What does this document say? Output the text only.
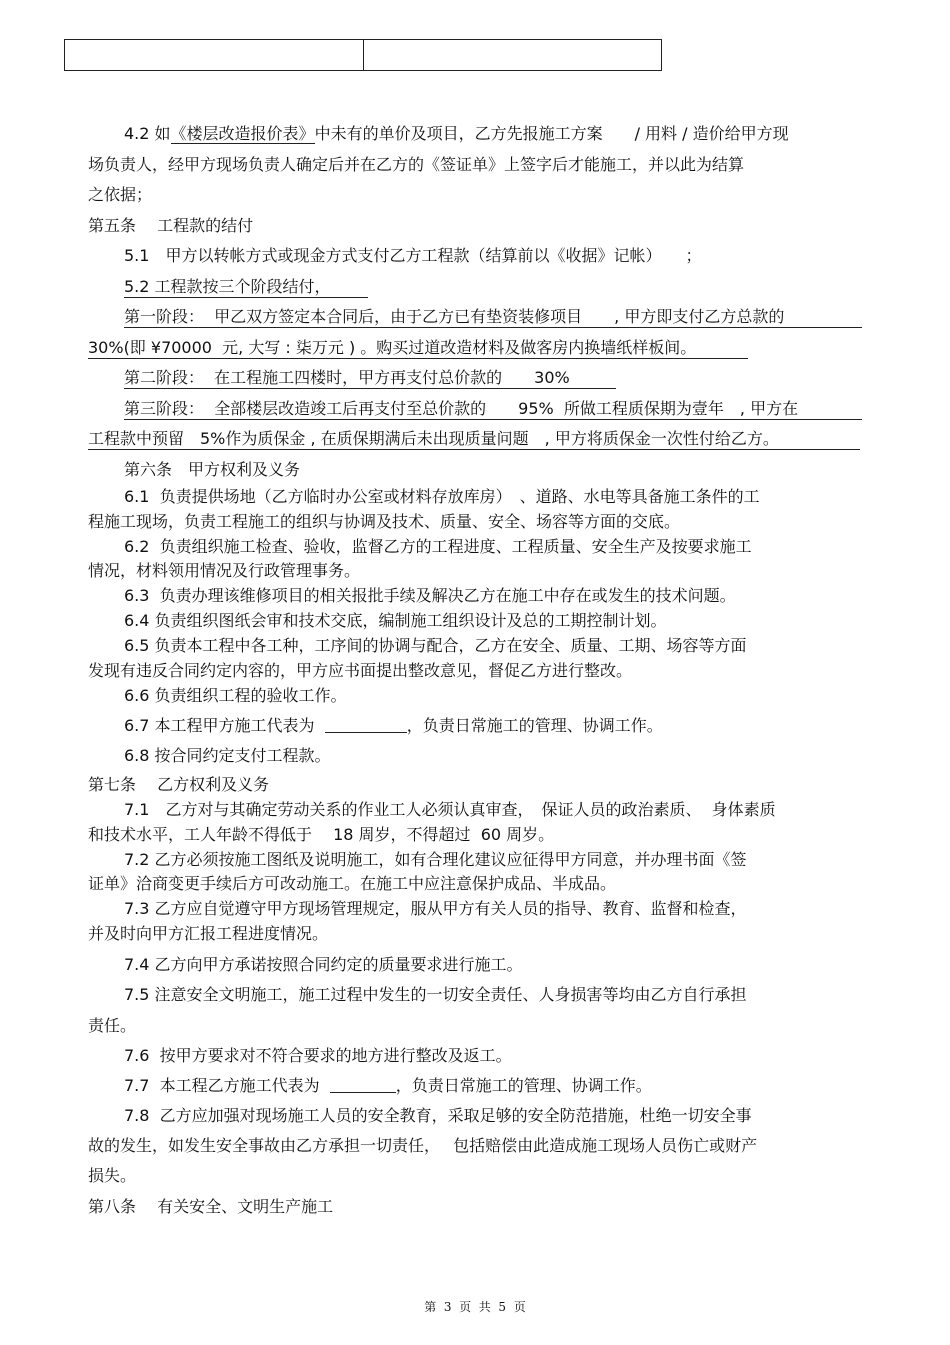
4.2 如《楼层改造报价表》中未有的单价及项目，乙方先报施工方案　　/ 用料 / 造价给甲方现
场负责人，经甲方现场负责人确定后并在乙方的《签证单》上签字后才能施工，并以此为结算
之依据；
第五条　 工程款的结付
5.1　甲方以转帐方式或现金方式支付乙方工程款（结算前以《收据》记帐）　　；
5.2 工程款按三个阶段结付，
第一阶段：  甲乙双方签定本合同后，由于乙方已有垫资装修项目　　, 甲方即支付乙方总款的
30%(即 ¥70000  元, 大写 : 柒万元 ) 。购买过道改造材料及做客房内换墙纸样板间。
第二阶段：  在工程施工四楼时，甲方再支付总价款的　　30%
第三阶段：  全部楼层改造竣工后再支付至总价款的　　95%  所做工程质保期为壹年　, 甲方在
工程款中预留　5%作为质保金 , 在质保期满后未出现质量问题　, 甲方将质保金一次性付给乙方。
第六条　甲方权利及义务
6.1  负责提供场地（乙方临时办公室或材料存放库房）　、道路、水电等具备施工条件的工
程施工现场，负责工程施工的组织与协调及技术、质量、安全、场容等方面的交底。
6.2  负责组织施工检查、验收，监督乙方的工程进度、工程质量、安全生产及按要求施工
情况，材料领用情况及行政管理事务。
6.3  负责办理该维修项目的相关报批手续及解决乙方在施工中存在或发生的技术问题。
6.4 负责组织图纸会审和技术交底，编制施工组织设计及总的工期控制计划。
6.5 负责本工程中各工种，工序间的协调与配合，乙方在安全、质量、工期、场容等方面
发现有违反合同约定内容的，甲方应书面提出整改意见，督促乙方进行整改。
6.6 负责组织工程的验收工作。
6.7 本工程甲方施工代表为	，负责日常施工的管理、协调工作。
6.8 按合同约定支付工程款。
第七条　 乙方权利及义务
7.1　乙方对与其确定劳动关系的作业工人必须认真审查，　保证人员的政治素质、  身体素质
和技术水平，工人年龄不得低于　 18 周岁，不得超过  60 周岁。
7.2 乙方必须按施工图纸及说明施工，如有合理化建议应征得甲方同意，并办理书面《签
证单》洽商变更手续后方可改动施工。在施工中应注意保护成品、半成品。
7.3 乙方应自觉遵守甲方现场管理规定，服从甲方有关人员的指导、教育、监督和检查，
并及时向甲方汇报工程进度情况。
7.4 乙方向甲方承诺按照合同约定的质量要求进行施工。
7.5 注意安全文明施工，施工过程中发生的一切安全责任、人身损害等均由乙方自行承担
责任。
7.6  按甲方要求对不符合要求的地方进行整改及返工。
7.7  本工程乙方施工代表为	，负责日常施工的管理、协调工作。
7.8  乙方应加强对现场施工人员的安全教育，采取足够的安全防范措施，杜绝一切安全事
故的发生，如发生安全事故由乙方承担一切责任，　 包括赔偿由此造成施工现场人员伤亡或财产
损失。
第八条　 有关安全、文明生产施工
第  3  页  共  5  页
